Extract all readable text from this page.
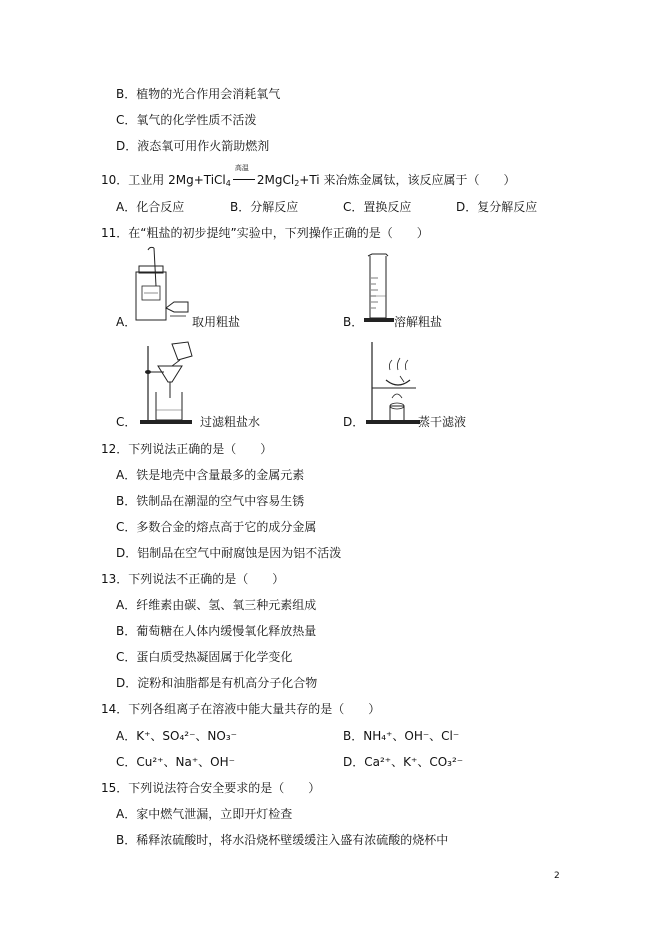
B．植物的光合作用会消耗氧气
C．氧气的化学性质不活泼
D．液态氧可用作火箭助燃剂
10．工业用 2Mg+TiCl$_4$
高温
2MgCl$_2$+Ti 来冶炼金属钛，该反应属于（　　）
A．化合反应	B．分解反应	C．置换反应	D．复分解反应
11．在“粗盐的初步提纯”实验中，下列操作正确的是（　　）
A．	取用粗盐	B．	溶解粗盐
C．	过滤粗盐水	D．	蒸干滤液
12．下列说法正确的是（　　）
A．铁是地壳中含量最多的金属元素
B．铁制品在潮湿的空气中容易生锈
C．多数合金的熔点高于它的成分金属
D．铝制品在空气中耐腐蚀是因为铝不活泼
13．下列说法不正确的是（　　）
A．纤维素由碳、氢、氧三种元素组成
B．葡萄糖在人体内缓慢氧化释放热量
C．蛋白质受热凝固属于化学变化
D．淀粉和油脂都是有机高分子化合物
14．下列各组离子在溶液中能大量共存的是（　　）
A．K⁺、SO₄²⁻、NO₃⁻	B．NH₄⁺、OH⁻、Cl⁻
C．Cu²⁺、Na⁺、OH⁻	D．Ca²⁺、K⁺、CO₃²⁻
15．下列说法符合安全要求的是（　　）
A．家中燃气泄漏，立即开灯检查
B．稀释浓硫酸时，将水沿烧杯壁缓缓注入盛有浓硫酸的烧杯中
2
